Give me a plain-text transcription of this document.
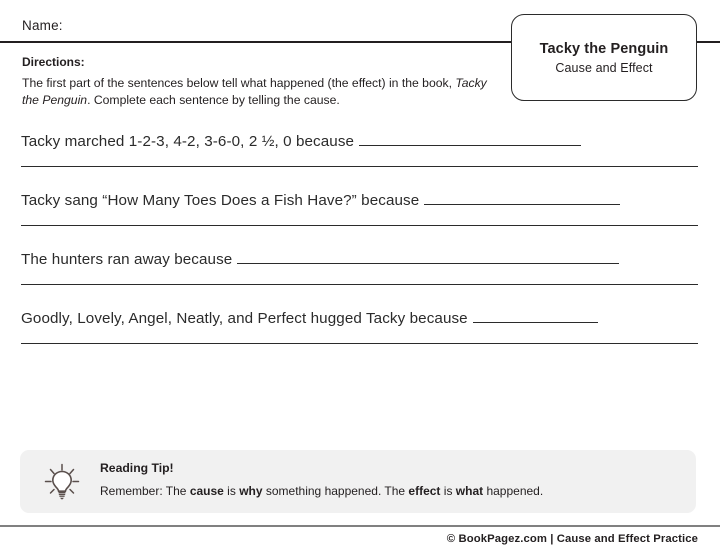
Name:
Tacky the Penguin
Cause and Effect
Directions:
The first part of the sentences below tell what happened (the effect) in the book, Tacky the Penguin. Complete each sentence by telling the cause.
Tacky marched 1-2-3, 4-2, 3-6-0, 2 ½, 0 because
Tacky sang “How Many Toes Does a Fish Have?” because
The hunters ran away because
Goodly, Lovely, Angel, Neatly, and Perfect hugged Tacky because
Reading Tip!
Remember: The cause is why something happened. The effect is what happened.
© BookPagez.com | Cause and Effect Practice
